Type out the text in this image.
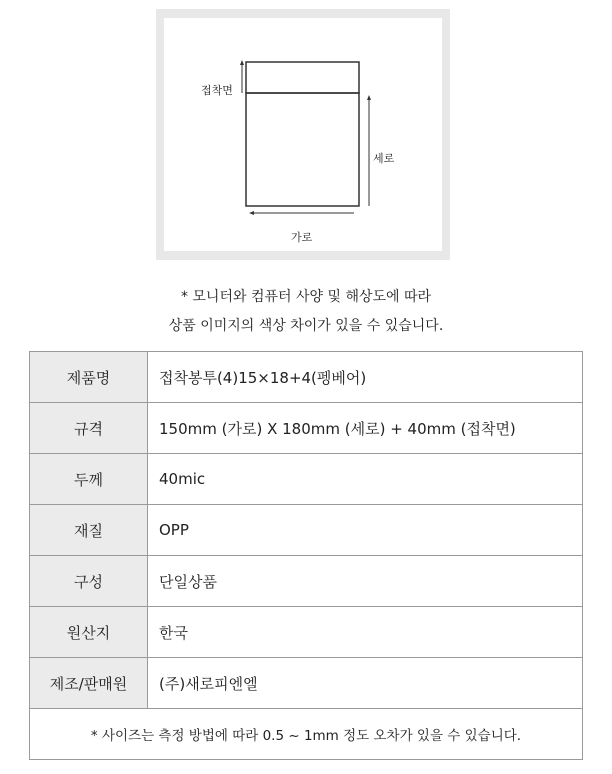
접착면
세로
가로
* 모니터와 컴퓨터 사양 및 해상도에 따라
상품 이미지의 색상 차이가 있을 수 있습니다.
제품명	접착봉투(4)15×18+4(펭베어)
규격	150mm (가로) X 180mm (세로) + 40mm (접착면)
두께	40mic
재질	OPP
구성	단일상품
원산지	한국
제조/판매원	(주)새로피엔엘
* 사이즈는 측정 방법에 따라 0.5 ~ 1mm 정도 오차가 있을 수 있습니다.	
